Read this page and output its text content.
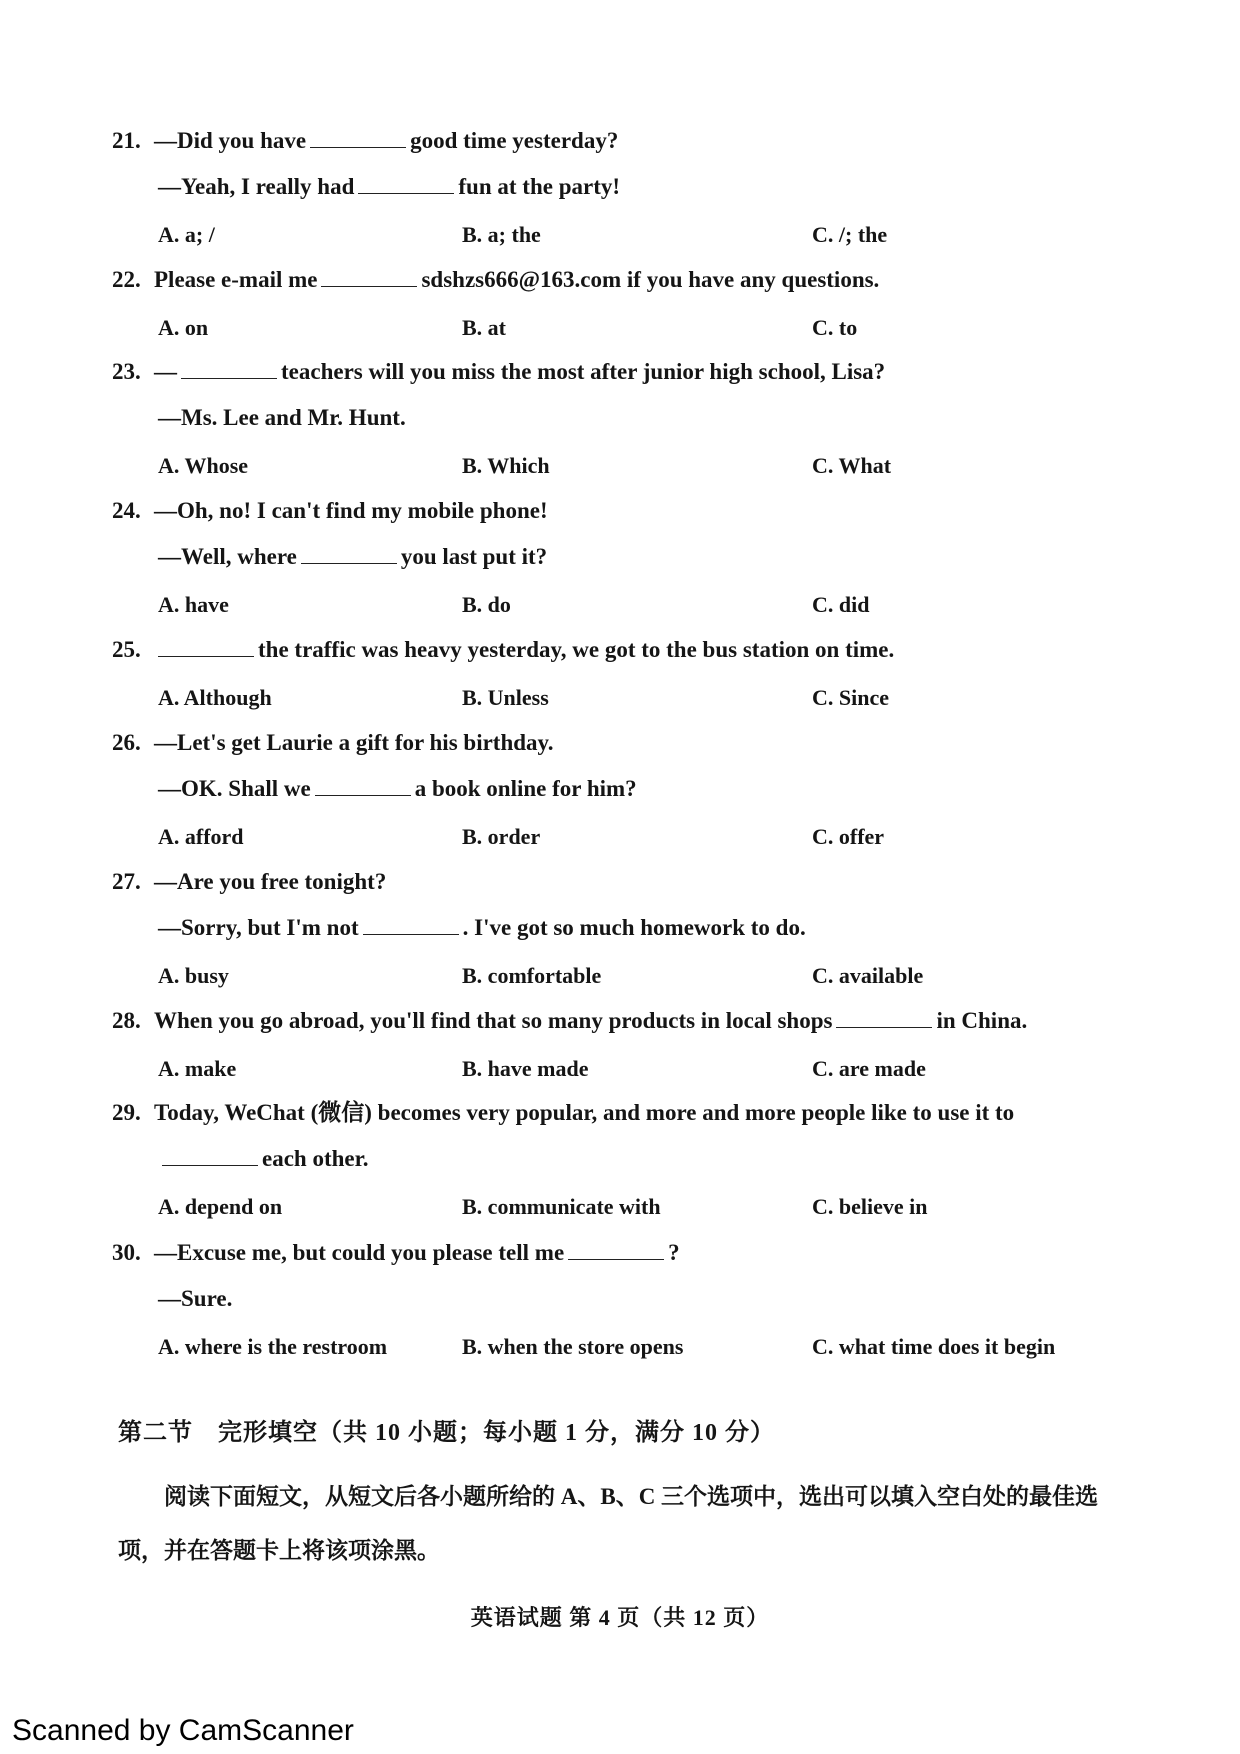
21. —Did you have	good time yesterday?
—Yeah, I really had	fun at the party!
A. a; /	B. a; the	C. /; the
22. Please e-mail me	sdshzs666@163.com if you have any questions.
A. on	B. at	C. to
23. —	teachers will you miss the most after junior high school, Lisa?
—Ms. Lee and Mr. Hunt.
A. Whose	B. Which	C. What
24. —Oh, no! I can't find my mobile phone!
—Well, where	you last put it?
A. have	B. do	C. did
25.	the traffic was heavy yesterday, we got to the bus station on time.
A. Although	B. Unless	C. Since
26. —Let's get Laurie a gift for his birthday.
—OK. Shall we	a book online for him?
A. afford	B. order	C. offer
27. —Are you free tonight?
—Sorry, but I'm not	. I've got so much homework to do.
A. busy	B. comfortable	C. available
28. When you go abroad, you'll find that so many products in local shops	in China.
A. make	B. have made	C. are made
29. Today, WeChat (微信) becomes very popular, and more and more people like to use it to
each other.
A. depend on	B. communicate with	C. believe in
30. —Excuse me, but could you please tell me	?
—Sure.
A. where is the restroom	B. when the store opens	C. what time does it begin
第二节　完形填空（共 10 小题；每小题 1 分，满分 10 分）
阅读下面短文，从短文后各小题所给的 A、B、C 三个选项中，选出可以填入空白处的最佳选项，并在答题卡上将该项涂黑。
英语试题 第 4 页（共 12 页）
Scanned by CamScanner
